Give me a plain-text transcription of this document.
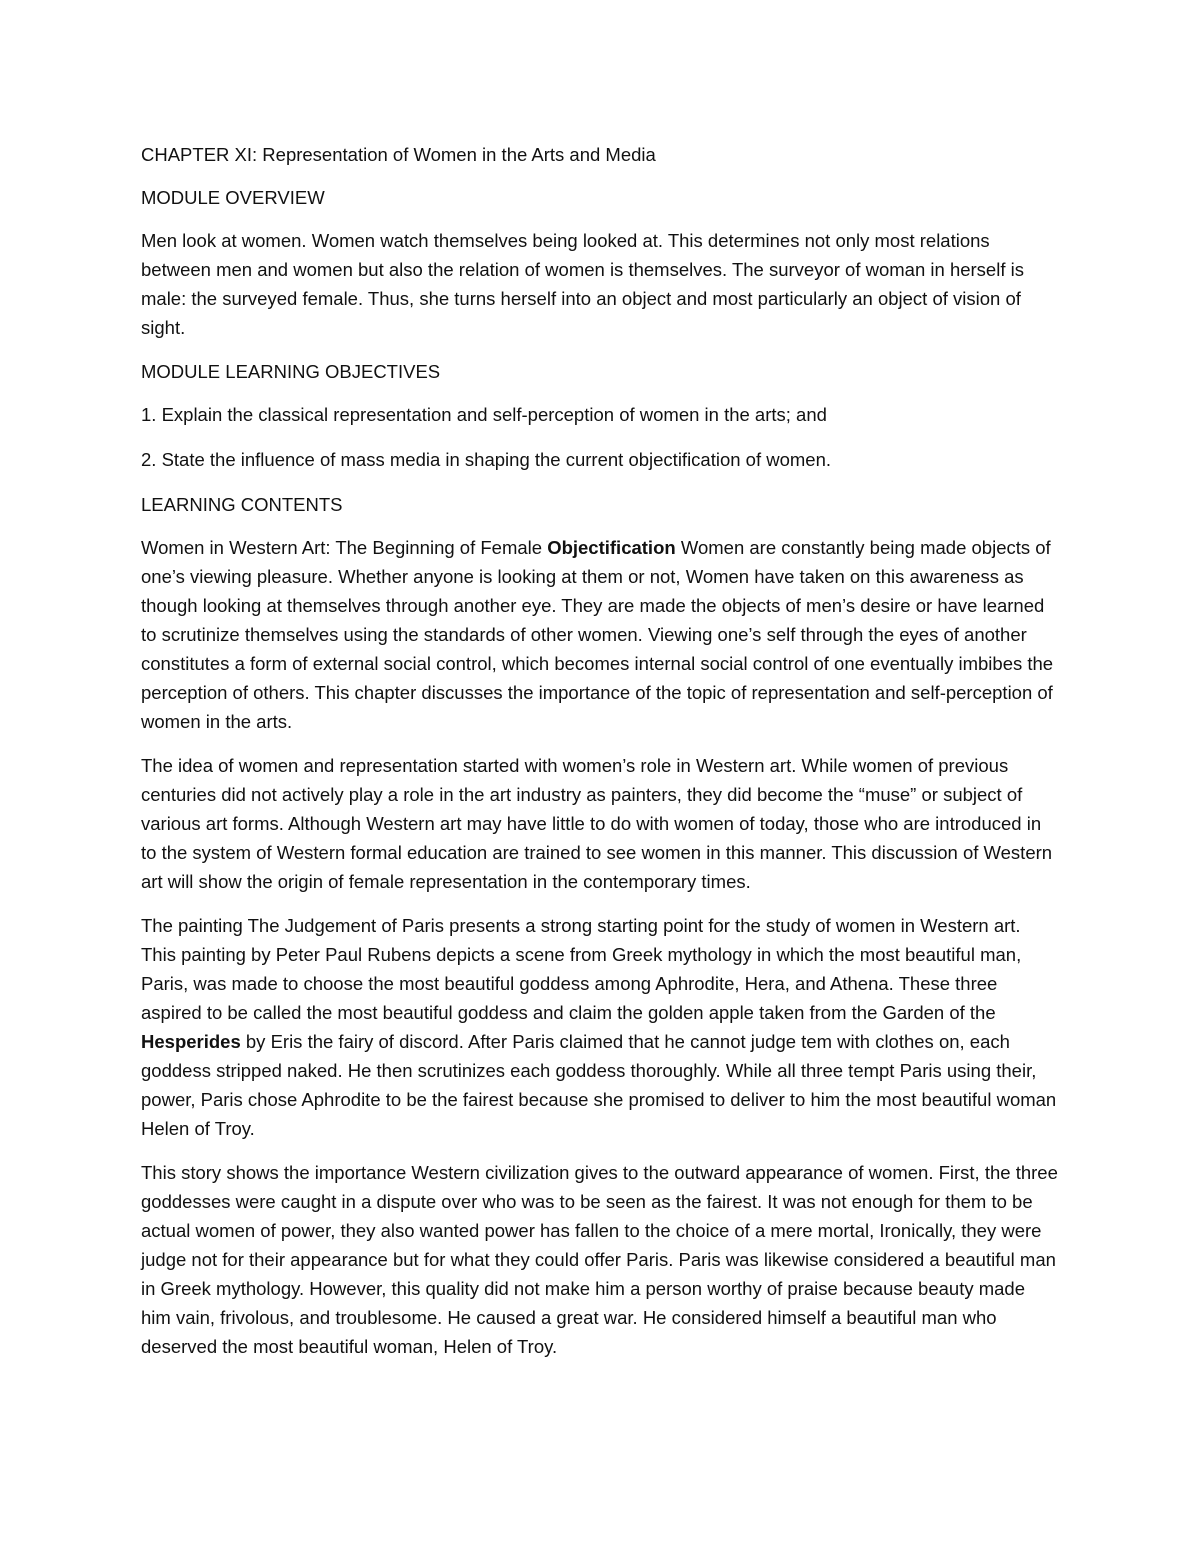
CHAPTER XI: Representation of Women in the Arts and Media

MODULE OVERVIEW

Men look at women. Women watch themselves being looked at. This determines not only most relations between men and women but also the relation of women is themselves. The surveyor of woman in herself is male: the surveyed female. Thus, she turns herself into an object and most particularly an object of vision of sight.

MODULE LEARNING OBJECTIVES

1. Explain the classical representation and self-perception of women in the arts; and

2. State the influence of mass media in shaping the current objectification of women.

LEARNING CONTENTS

Women in Western Art: The Beginning of Female Objectification Women are constantly being made objects of one’s viewing pleasure. Whether anyone is looking at them or not, Women have taken on this awareness as though looking at themselves through another eye. They are made the objects of men’s desire or have learned to scrutinize themselves using the standards of other women. Viewing one’s self through the eyes of another constitutes a form of external social control, which becomes internal social control of one eventually imbibes the perception of others. This chapter discusses the importance of the topic of representation and self-perception of women in the arts.

The idea of women and representation started with women’s role in Western art. While women of previous centuries did not actively play a role in the art industry as painters, they did become the “muse” or subject of various art forms. Although Western art may have little to do with women of today, those who are introduced in to the system of Western formal education are trained to see women in this manner. This discussion of Western art will show the origin of female representation in the contemporary times.

The painting The Judgement of Paris presents a strong starting point for the study of women in Western art. This painting by Peter Paul Rubens depicts a scene from Greek mythology in which the most beautiful man, Paris, was made to choose the most beautiful goddess among Aphrodite, Hera, and Athena. These three aspired to be called the most beautiful goddess and claim the golden apple taken from the Garden of the Hesperides by Eris the fairy of discord. After Paris claimed that he cannot judge tem with clothes on, each goddess stripped naked. He then scrutinizes each goddess thoroughly. While all three tempt Paris using their, power, Paris chose Aphrodite to be the fairest because she promised to deliver to him the most beautiful woman Helen of Troy.

This story shows the importance Western civilization gives to the outward appearance of women. First, the three goddesses were caught in a dispute over who was to be seen as the fairest. It was not enough for them to be actual women of power, they also wanted power has fallen to the choice of a mere mortal, Ironically, they were judge not for their appearance but for what they could offer Paris. Paris was likewise considered a beautiful man in Greek mythology. However, this quality did not make him a person worthy of praise because beauty made him vain, frivolous, and troublesome. He caused a great war. He considered himself a beautiful man who deserved the most beautiful woman, Helen of Troy.
